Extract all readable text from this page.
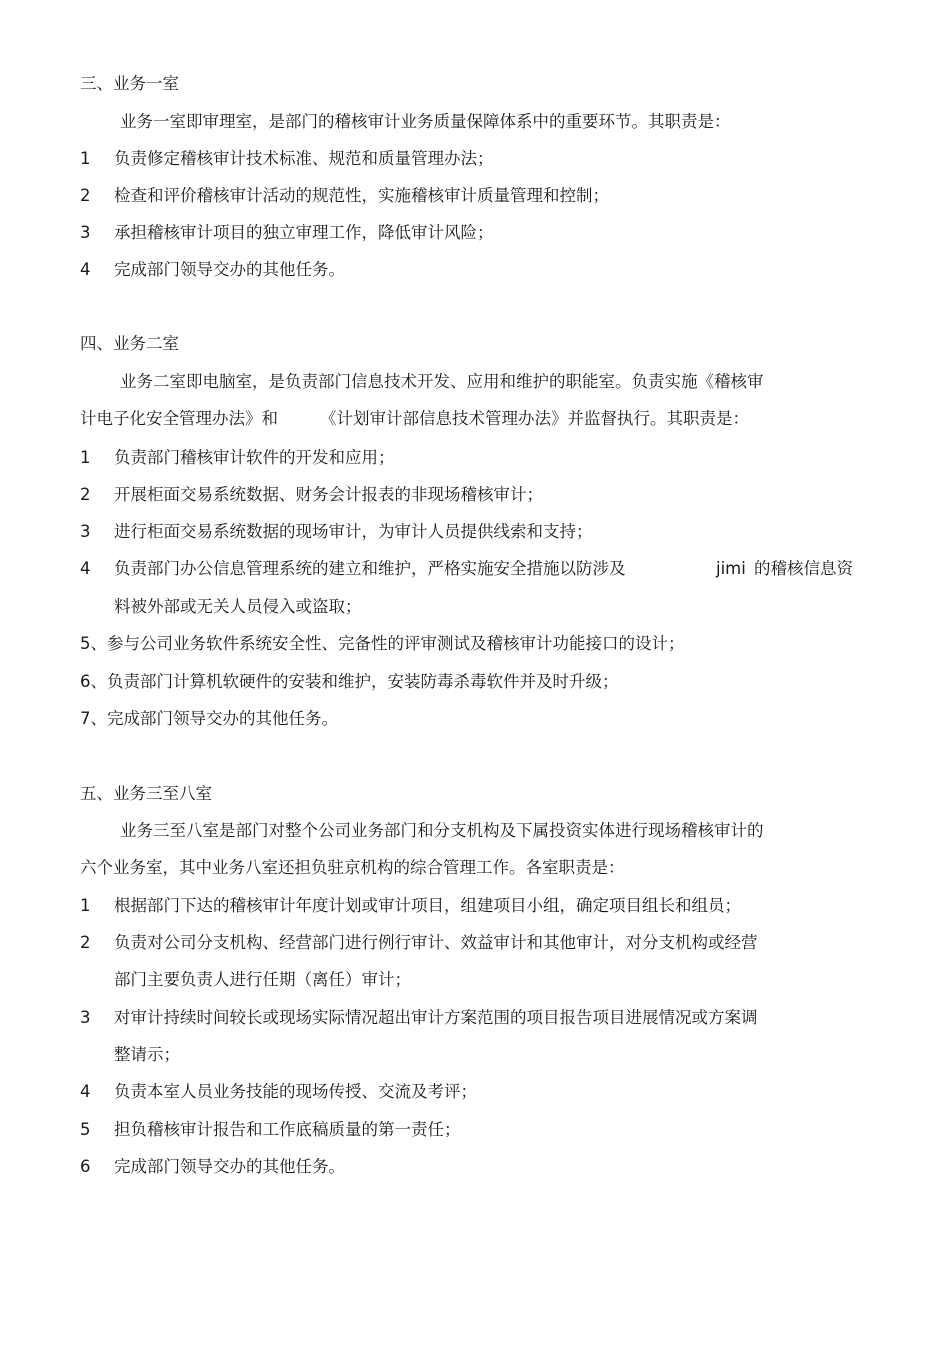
三、业务一室
业务一室即审理室，是部门的稽核审计业务质量保障体系中的重要环节。其职责是：
1 负责修定稽核审计技术标准、规范和质量管理办法；
2 检查和评价稽核审计活动的规范性，实施稽核审计质量管理和控制；
3 承担稽核审计项目的独立审理工作，降低审计风险；
4 完成部门领导交办的其他任务。
四、业务二室
业务二室即电脑室，是负责部门信息技术开发、应用和维护的职能室。负责实施《稽核审
计电子化安全管理办法》和	《计划审计部信息技术管理办法》并监督执行。其职责是：
1 负责部门稽核审计软件的开发和应用；
2 开展柜面交易系统数据、财务会计报表的非现场稽核审计；
3 进行柜面交易系统数据的现场审计，为审计人员提供线索和支持；
4 负责部门办公信息管理系统的建立和维护，严格实施安全措施以防涉及	jimi 的稽核信息资
料被外部或无关人员侵入或盗取；
5、参与公司业务软件系统安全性、完备性的评审测试及稽核审计功能接口的设计；
6、负责部门计算机软硬件的安装和维护，安装防毒杀毒软件并及时升级；
7、完成部门领导交办的其他任务。
五、业务三至八室
业务三至八室是部门对整个公司业务部门和分支机构及下属投资实体进行现场稽核审计的
六个业务室，其中业务八室还担负驻京机构的综合管理工作。各室职责是：
1 根据部门下达的稽核审计年度计划或审计项目，组建项目小组，确定项目组长和组员；
2 负责对公司分支机构、经营部门进行例行审计、效益审计和其他审计，对分支机构或经营
部门主要负责人进行任期（离任）审计；
3 对审计持续时间较长或现场实际情况超出审计方案范围的项目报告项目进展情况或方案调
整请示；
4 负责本室人员业务技能的现场传授、交流及考评；
5 担负稽核审计报告和工作底稿质量的第一责任；
6 完成部门领导交办的其他任务。
